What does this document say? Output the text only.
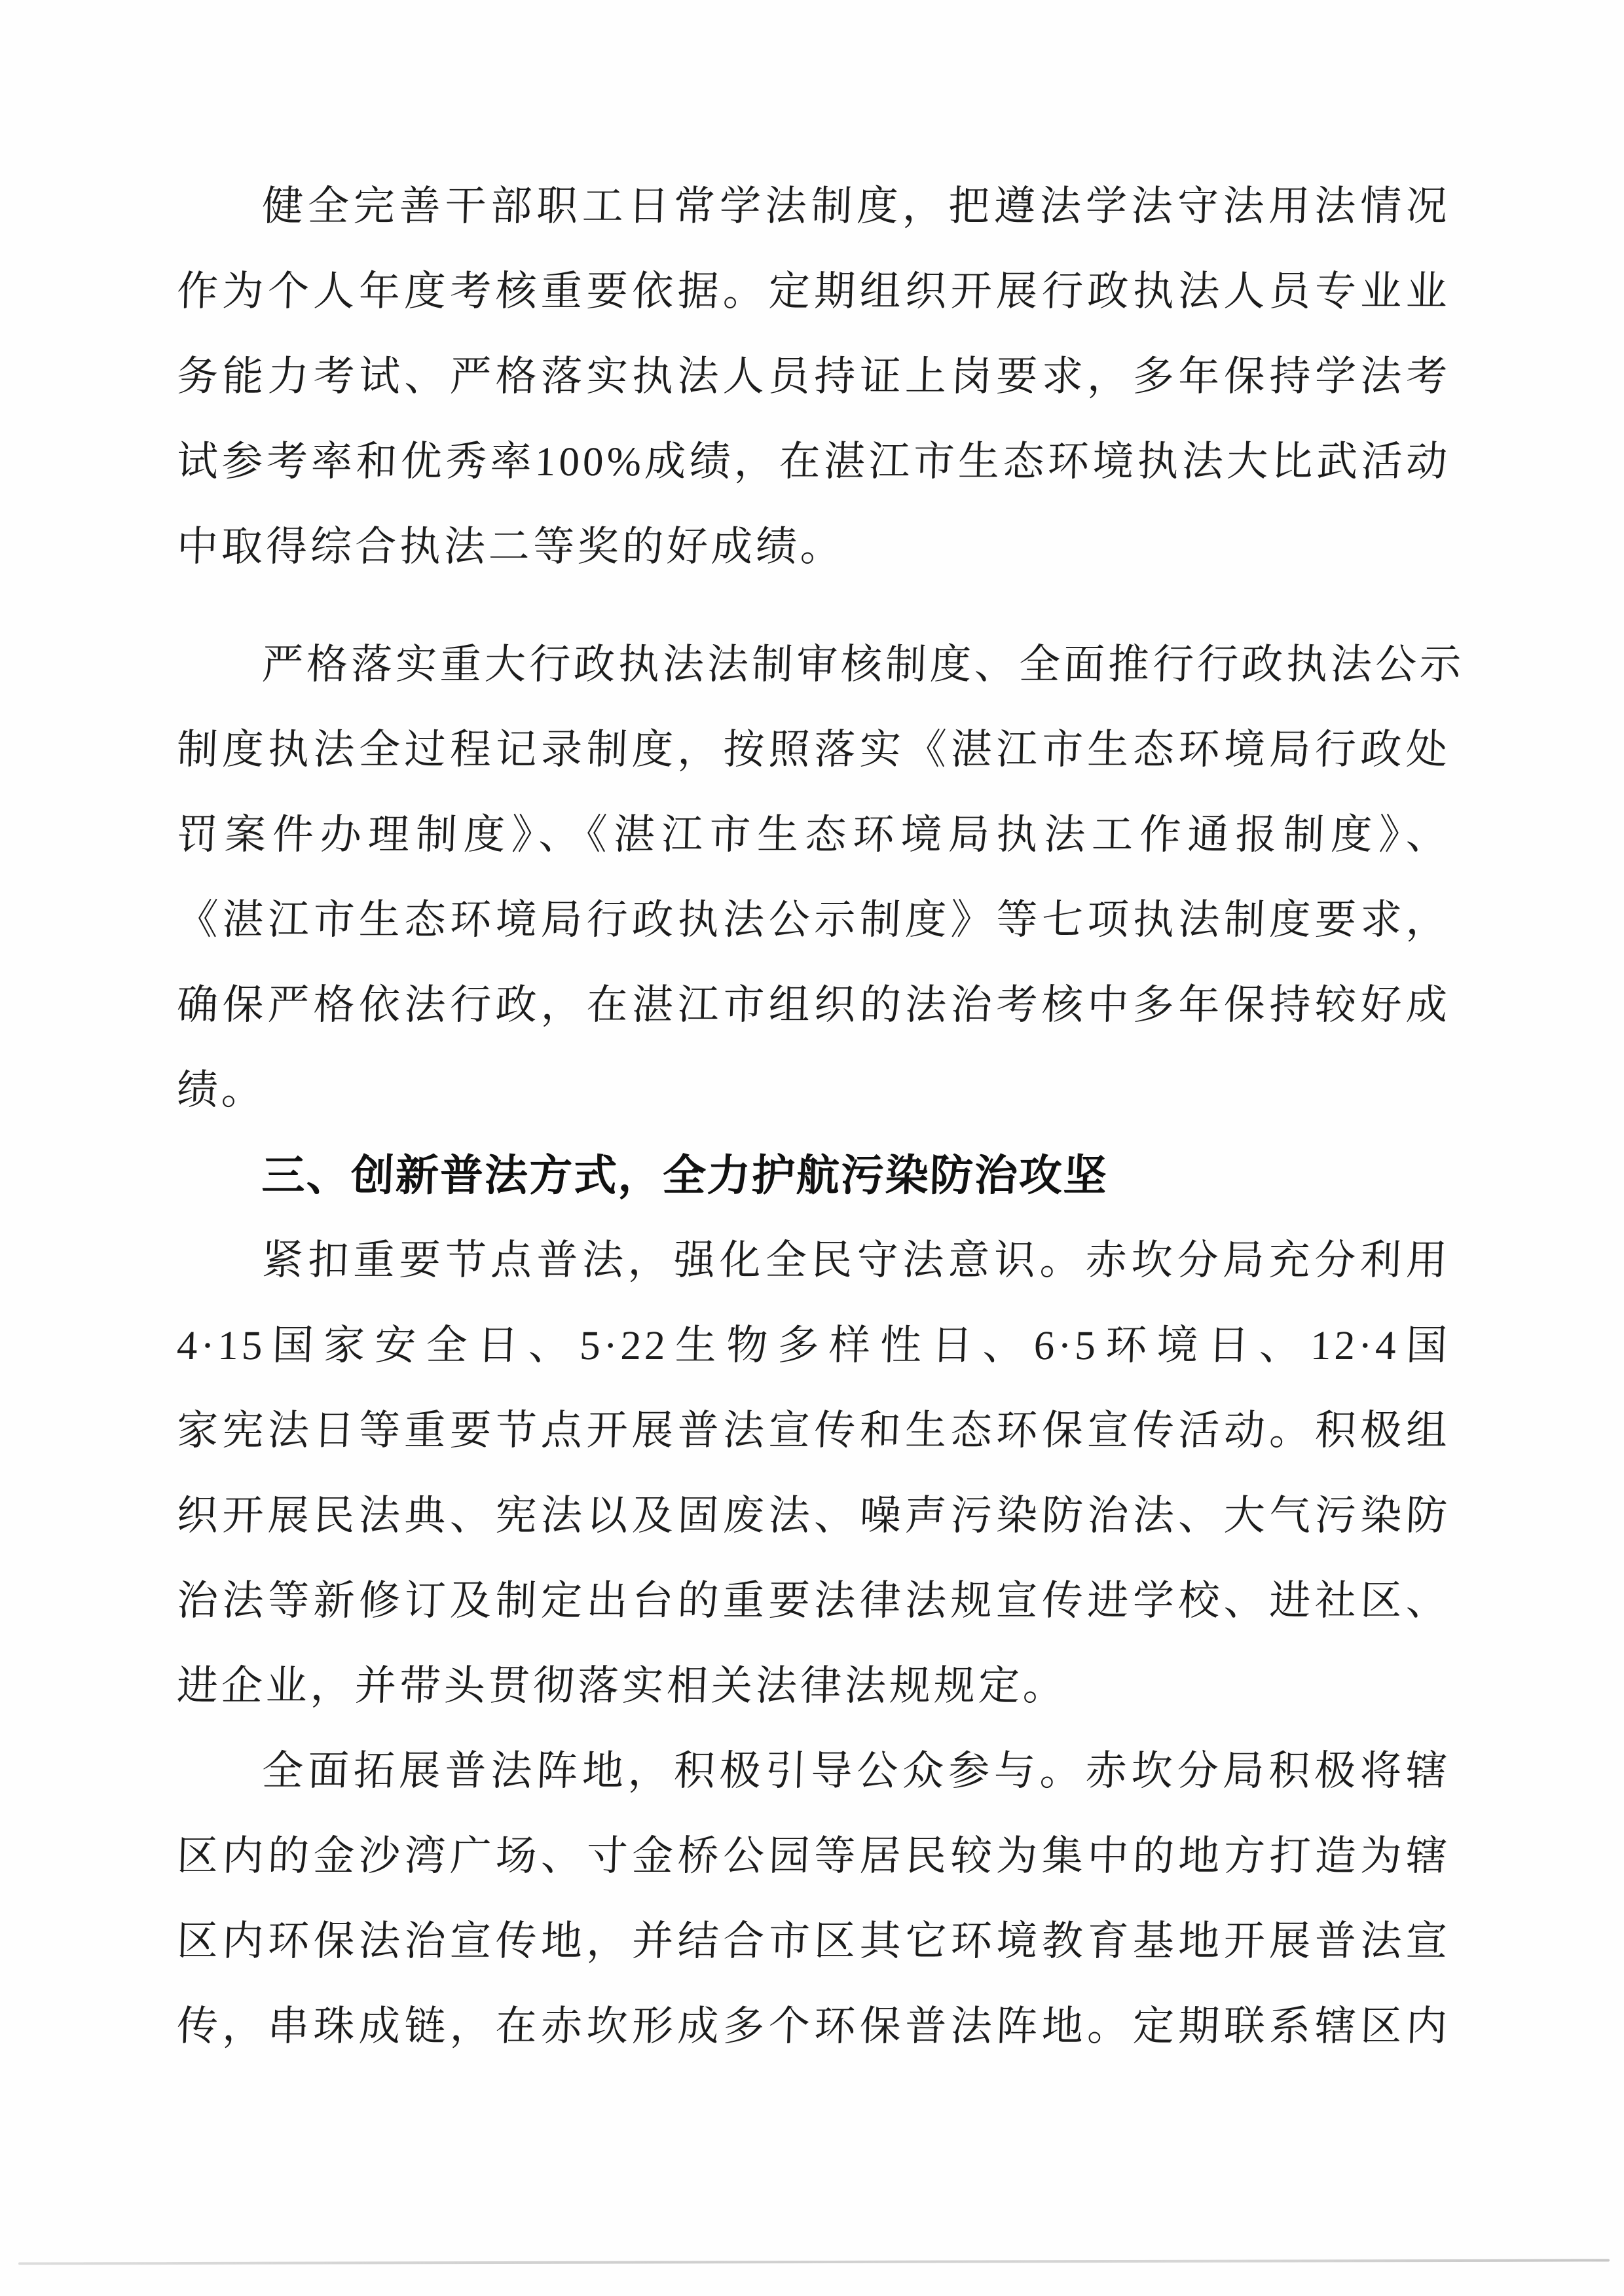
健全完善干部职工日常学法制度，把遵法学法守法用法情况
作为个人年度考核重要依据。定期组织开展行政执法人员专业业
务能力考试、严格落实执法人员持证上岗要求，多年保持学法考
试参考率和优秀率100%成绩，在湛江市生态环境执法大比武活动
中取得综合执法二等奖的好成绩。
严格落实重大行政执法法制审核制度、全面推行行政执法公示
制度执法全过程记录制度，按照落实《湛江市生态环境局行政处
罚案件办理制度》、《湛江市生态环境局执法工作通报制度》、
《湛江市生态环境局行政执法公示制度》等七项执法制度要求，
确保严格依法行政，在湛江市组织的法治考核中多年保持较好成
绩。
三、创新普法方式，全力护航污染防治攻坚
紧扣重要节点普法，强化全民守法意识。赤坎分局充分利用
4·15国家安全日、5·22生物多样性日、6·5环境日、12·4国
家宪法日等重要节点开展普法宣传和生态环保宣传活动。积极组
织开展民法典、宪法以及固废法、噪声污染防治法、大气污染防
治法等新修订及制定出台的重要法律法规宣传进学校、进社区、
进企业，并带头贯彻落实相关法律法规规定。
全面拓展普法阵地，积极引导公众参与。赤坎分局积极将辖
区内的金沙湾广场、寸金桥公园等居民较为集中的地方打造为辖
区内环保法治宣传地，并结合市区其它环境教育基地开展普法宣
传，串珠成链，在赤坎形成多个环保普法阵地。定期联系辖区内
